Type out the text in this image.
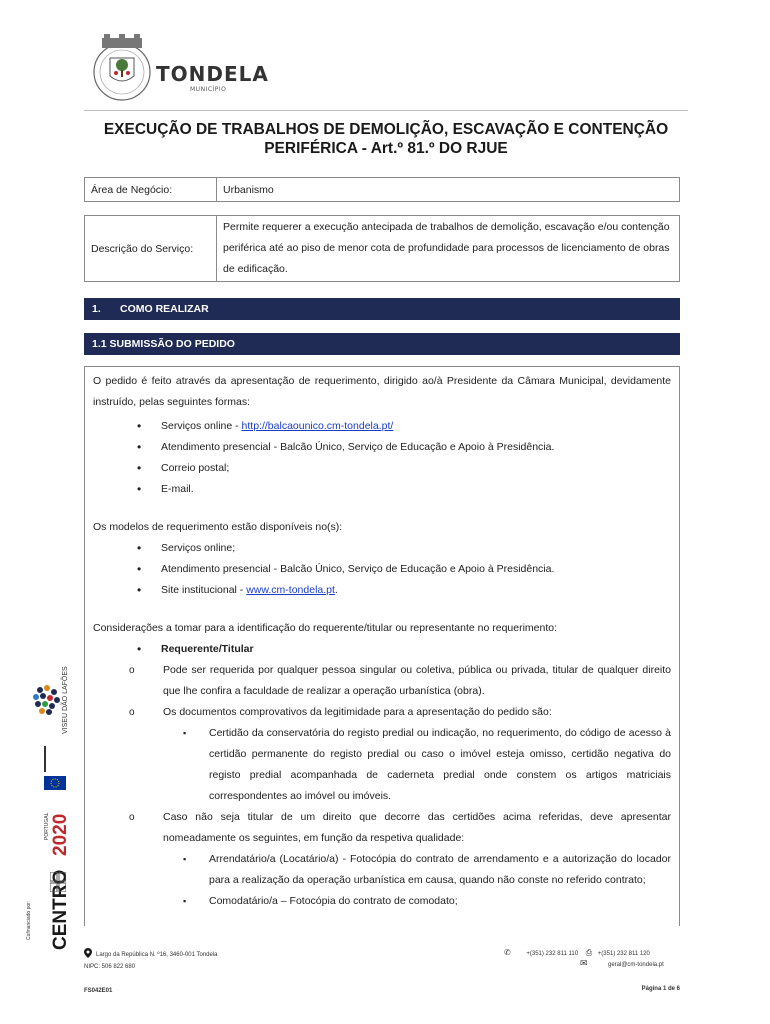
TONDELA
MUNICÍPIO
EXECUÇÃO DE TRABALHOS DE DEMOLIÇÃO, ESCAVAÇÃO E CONTENÇÃO
PERIFÉRICA - Art.º 81.º DO RJUE
Área de Negócio:	Urbanismo
Descrição do Serviço:	Permite requerer a execução antecipada de trabalhos de demolição, escavação e/ou contenção periférica até ao piso de menor cota de profundidade para processos de licenciamento de obras de edificação.
1. COMO REALIZAR
1.1 SUBMISSÃO DO PEDIDO

O pedido é feito através da apresentação de requerimento, dirigido ao/à Presidente da Câmara Municipal, devidamente instruído, pelas seguintes formas:

• Serviços online - http://balcaounico.cm-tondela.pt/
• Atendimento presencial - Balcão Único, Serviço de Educação e Apoio à Presidência.
• Correio postal;
• E-mail.

Os modelos de requerimento estão disponíveis no(s):

• Serviços online;
• Atendimento presencial - Balcão Único, Serviço de Educação e Apoio à Presidência.
• Site institucional - www.cm-tondela.pt.

Considerações a tomar para a identificação do requerente/titular ou representante no requerimento:

• Requerente/Titular
o Pode ser requerida por qualquer pessoa singular ou coletiva, pública ou privada, titular de qualquer direito que lhe confira a faculdade de realizar a operação urbanística (obra).
o Os documentos comprovativos da legitimidade para a apresentação do pedido são:
▪ Certidão da conservatória do registo predial ou indicação, no requerimento, do código de acesso à certidão permanente do registo predial ou caso o imóvel esteja omisso, certidão negativa do registo predial acompanhada de caderneta predial onde constem os artigos matriciais correspondentes ao imóvel ou imóveis.
o Caso não seja titular de um direito que decorre das certidões acima referidas, deve apresentar nomeadamente os seguintes, em função da respetiva qualidade:
▪ Arrendatário/a (Locatário/a) - Fotocópia do contrato de arrendamento e a autorização do locador para a realização da operação urbanística em causa, quando não conste no referido contrato;
▪ Comodatário/a – Fotocópia do contrato de comodato;
VISEU DÃO LAFÕES
PORTUGAL 2020
Cofinanciado por: CENTRO
Largo da República N. º16, 3460-001 Tondela
NIPC: 506 822 680
✆	+(351) 232 811 110 ⎙ +(351) 232 811 120
✉	geral@cm-tondela.pt
FS042E01	Página 1 de 6
